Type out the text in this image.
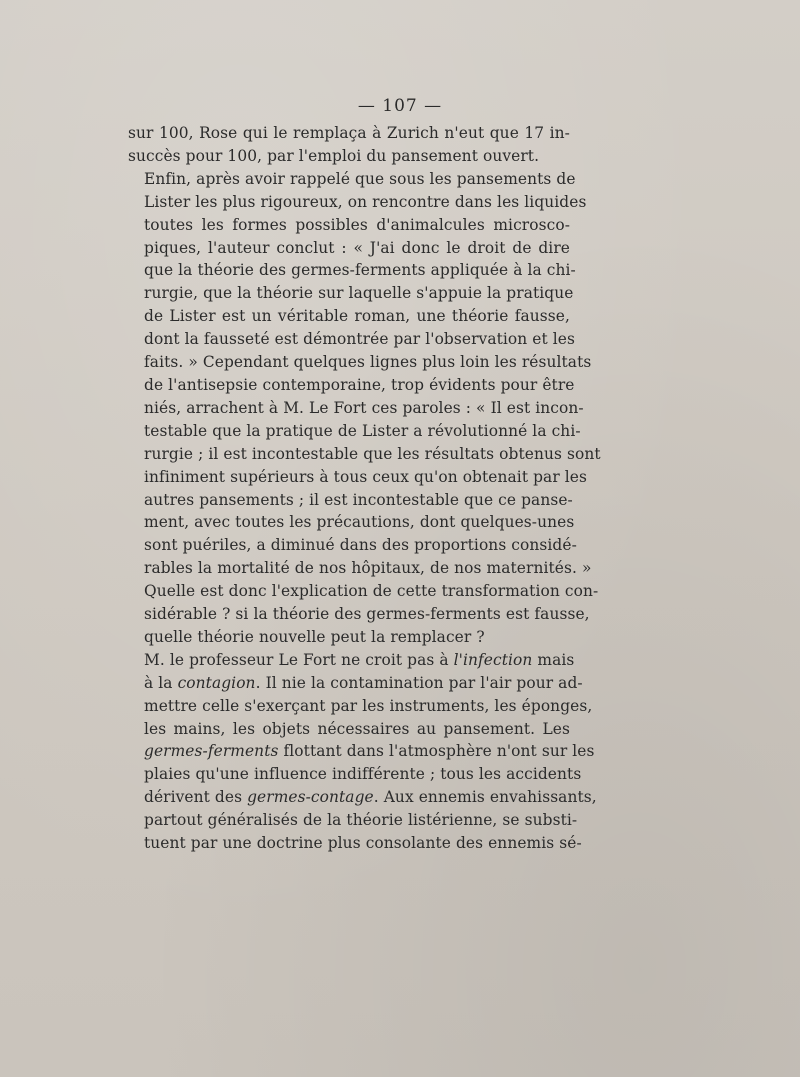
— 107 —

sur 100, Rose qui le remplaça à Zurich n'eut que 17 in-
succès pour 100, par l'emploi du pansement ouvert.

Enfin, après avoir rappelé que sous les pansements de
Lister les plus rigoureux, on rencontre dans les liquides
toutes les formes possibles d'animalcules microsco-
piques, l'auteur conclut : « J'ai donc le droit de dire
que la théorie des germes-ferments appliquée à la chi-
rurgie, que la théorie sur laquelle s'appuie la pratique
de Lister est un véritable roman, une théorie fausse,
dont la fausseté est démontrée par l'observation et les
faits. » Cependant quelques lignes plus loin les résultats
de l'antisepsie contemporaine, trop évidents pour être
niés, arrachent à M. Le Fort ces paroles : « Il est incon-
testable que la pratique de Lister a révolutionné la chi-
rurgie ; il est incontestable que les résultats obtenus sont
infiniment supérieurs à tous ceux qu'on obtenait par les
autres pansements ; il est incontestable que ce panse-
ment, avec toutes les précautions, dont quelques-unes
sont puériles, a diminué dans des proportions considé-
rables la mortalité de nos hôpitaux, de nos maternités. »
Quelle est donc l'explication de cette transformation con-
sidérable ? si la théorie des germes-ferments est fausse,
quelle théorie nouvelle peut la remplacer ?

M. le professeur Le Fort ne croit pas à l'infection mais
à la contagion. Il nie la contamination par l'air pour ad-
mettre celle s'exerçant par les instruments, les éponges,
les mains, les objets nécessaires au pansement. Les
germes-ferments flottant dans l'atmosphère n'ont sur les
plaies qu'une influence indifférente ; tous les accidents
dérivent des germes-contage. Aux ennemis envahissants,
partout généralisés de la théorie listérienne, se substi-
tuent par une doctrine plus consolante des ennemis sé-
